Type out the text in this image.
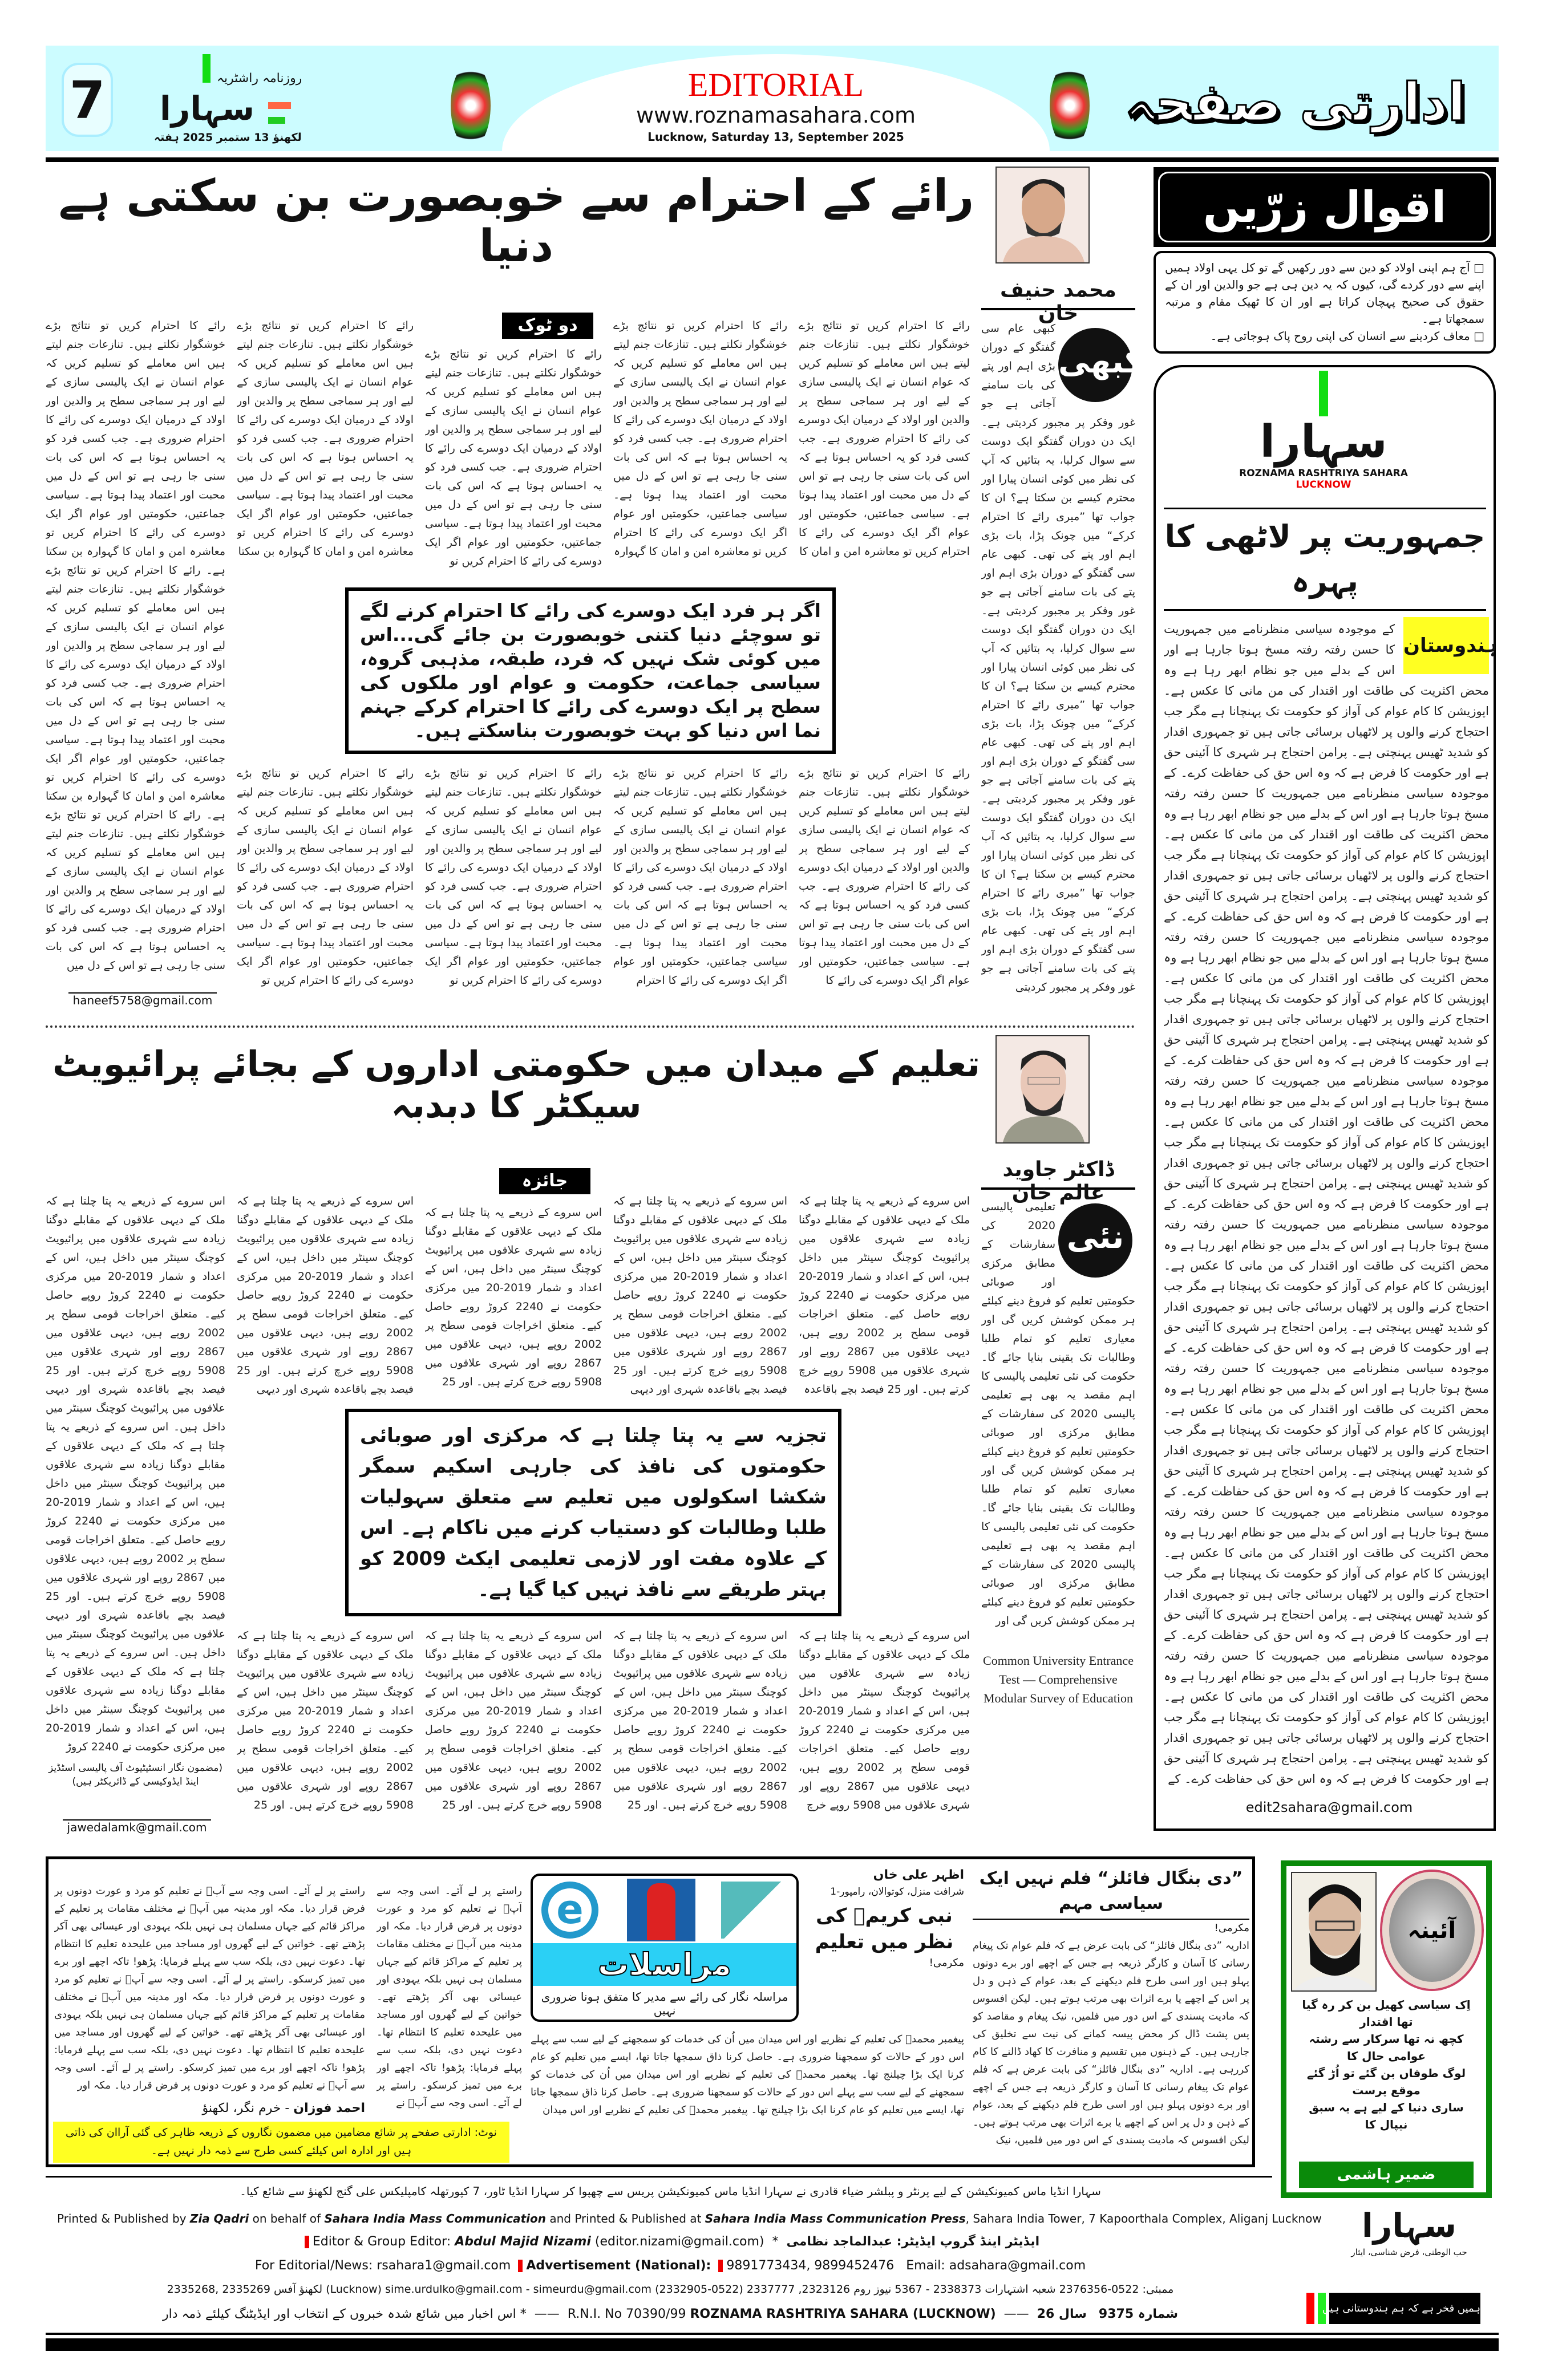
7	روزنامہ راشٹریہ
سہارا
لکھنؤ 13 ستمبر 2025 ہفتہ
EDITORIAL
www.roznamasahara.com
Lucknow, Saturday 13, September 2025
ادارتی صفحہ
رائے کے احترام سے خوبصورت بن سکتی ہے دنیا
محمد حنیف خان
کبھی عام سی گفتگو کے دوران بڑی اہم اور پتے کی بات سامنے آجاتی ہے جو غور وفکر پر مجبور کردیتی ہے۔ایک دن دوران گفتگو ایک دوست سے سوال کرلیا، یہ بتائیں کہ آپ کی نظر میں کوئی انسان پیارا اور محترم کیسے بن سکتا ہے؟ ان کا جواب تھا ”میری رائے کا احترام کرکے“ میں چونک پڑا، بات بڑی اہم اور پتے کی تھی۔ کبھی عام سی گفتگو کے دوران بڑی اہم اور پتے کی بات سامنے آجاتی ہے جو غور وفکر پر مجبور کردیتی ہے۔ایک دن دوران گفتگو ایک دوست سے سوال کرلیا، یہ بتائیں کہ آپ کی نظر میں کوئی انسان پیارا اور محترم کیسے بن سکتا ہے؟ ان کا جواب تھا ”میری رائے کا احترام کرکے“ میں چونک پڑا، بات بڑی اہم اور پتے کی تھی۔ کبھی عام سی گفتگو کے دوران بڑی اہم اور پتے کی بات سامنے آجاتی ہے جو غور وفکر پر مجبور کردیتی ہے۔ایک دن دوران گفتگو ایک دوست سے سوال کرلیا، یہ بتائیں کہ آپ کی نظر میں کوئی انسان پیارا اور محترم کیسے بن سکتا ہے؟ ان کا جواب تھا ”میری رائے کا احترام کرکے“ میں چونک پڑا، بات بڑی اہم اور پتے کی تھی۔ کبھی عام سی گفتگو کے دوران بڑی اہم اور پتے کی بات سامنے آجاتی ہے جو غور وفکر پر مجبور کردیتی
کبھی
رائے کا احترام کریں تو نتائج بڑے خوشگوار نکلتے ہیں۔ تنازعات جنم لیتے ہیں اس معاملے کو تسلیم کریں کہ عوام انسان نے ایک پالیسی سازی کے لیے اور ہر سماجی سطح پر والدین اور اولاد کے درمیان ایک دوسرے کی رائے کا احترام ضروری ہے۔ جب کسی فرد کو یہ احساس ہوتا ہے کہ اس کی بات سنی جا رہی ہے تو اس کے دل میں محبت اور اعتماد پیدا ہوتا ہے۔ سیاسی جماعتیں، حکومتیں اور عوام اگر ایک دوسرے کی رائے کا احترام کریں تو معاشرہ امن و امان کا
رائے کا احترام کریں تو نتائج بڑے خوشگوار نکلتے ہیں۔ تنازعات جنم لیتے ہیں اس معاملے کو تسلیم کریں کہ عوام انسان نے ایک پالیسی سازی کے لیے اور ہر سماجی سطح پر والدین اور اولاد کے درمیان ایک دوسرے کی رائے کا احترام ضروری ہے۔ جب کسی فرد کو یہ احساس ہوتا ہے کہ اس کی بات سنی جا رہی ہے تو اس کے دل میں محبت اور اعتماد پیدا ہوتا ہے۔ سیاسی جماعتیں، حکومتیں اور عوام اگر ایک دوسرے کی رائے کا
رائے کا احترام کریں تو نتائج بڑے خوشگوار نکلتے ہیں۔ تنازعات جنم لیتے ہیں اس معاملے کو تسلیم کریں کہ عوام انسان نے ایک پالیسی سازی کے لیے اور ہر سماجی سطح پر والدین اور اولاد کے درمیان ایک دوسرے کی رائے کا احترام ضروری ہے۔ جب کسی فرد کو یہ احساس ہوتا ہے کہ اس کی بات سنی جا رہی ہے تو اس کے دل میں محبت اور اعتماد پیدا ہوتا ہے۔ سیاسی جماعتیں، حکومتیں اور عوام اگر ایک دوسرے کی رائے کا احترام کریں تو معاشرہ امن و امان کا گہوارہ
رائے کا احترام کریں تو نتائج بڑے خوشگوار نکلتے ہیں۔ تنازعات جنم لیتے ہیں اس معاملے کو تسلیم کریں کہ عوام انسان نے ایک پالیسی سازی کے لیے اور ہر سماجی سطح پر والدین اور اولاد کے درمیان ایک دوسرے کی رائے کا احترام ضروری ہے۔ جب کسی فرد کو یہ احساس ہوتا ہے کہ اس کی بات سنی جا رہی ہے تو اس کے دل میں محبت اور اعتماد پیدا ہوتا ہے۔ سیاسی جماعتیں، حکومتیں اور عوام اگر ایک دوسرے کی رائے کا احترام
رائے کا احترام کریں تو نتائج بڑے خوشگوار نکلتے ہیں۔ تنازعات جنم لیتے ہیں اس معاملے کو تسلیم کریں کہ عوام انسان نے ایک پالیسی سازی کے لیے اور ہر سماجی سطح پر والدین اور اولاد کے درمیان ایک دوسرے کی رائے کا احترام ضروری ہے۔ جب کسی فرد کو یہ احساس ہوتا ہے کہ اس کی بات سنی جا رہی ہے تو اس کے دل میں محبت اور اعتماد پیدا ہوتا ہے۔ سیاسی جماعتیں، حکومتیں اور عوام اگر ایک دوسرے کی رائے کا احترام کریں تو
رائے کا احترام کریں تو نتائج بڑے خوشگوار نکلتے ہیں۔ تنازعات جنم لیتے ہیں اس معاملے کو تسلیم کریں کہ عوام انسان نے ایک پالیسی سازی کے لیے اور ہر سماجی سطح پر والدین اور اولاد کے درمیان ایک دوسرے کی رائے کا احترام ضروری ہے۔ جب کسی فرد کو یہ احساس ہوتا ہے کہ اس کی بات سنی جا رہی ہے تو اس کے دل میں محبت اور اعتماد پیدا ہوتا ہے۔ سیاسی جماعتیں، حکومتیں اور عوام اگر ایک دوسرے کی رائے کا احترام کریں تو
رائے کا احترام کریں تو نتائج بڑے خوشگوار نکلتے ہیں۔ تنازعات جنم لیتے ہیں اس معاملے کو تسلیم کریں کہ عوام انسان نے ایک پالیسی سازی کے لیے اور ہر سماجی سطح پر والدین اور اولاد کے درمیان ایک دوسرے کی رائے کا احترام ضروری ہے۔ جب کسی فرد کو یہ احساس ہوتا ہے کہ اس کی بات سنی جا رہی ہے تو اس کے دل میں محبت اور اعتماد پیدا ہوتا ہے۔ سیاسی جماعتیں، حکومتیں اور عوام اگر ایک دوسرے کی رائے کا احترام کریں تو معاشرہ امن و امان کا گہوارہ بن سکتا
رائے کا احترام کریں تو نتائج بڑے خوشگوار نکلتے ہیں۔ تنازعات جنم لیتے ہیں اس معاملے کو تسلیم کریں کہ عوام انسان نے ایک پالیسی سازی کے لیے اور ہر سماجی سطح پر والدین اور اولاد کے درمیان ایک دوسرے کی رائے کا احترام ضروری ہے۔ جب کسی فرد کو یہ احساس ہوتا ہے کہ اس کی بات سنی جا رہی ہے تو اس کے دل میں محبت اور اعتماد پیدا ہوتا ہے۔ سیاسی جماعتیں، حکومتیں اور عوام اگر ایک دوسرے کی رائے کا احترام کریں تو
رائے کا احترام کریں تو نتائج بڑے خوشگوار نکلتے ہیں۔ تنازعات جنم لیتے ہیں اس معاملے کو تسلیم کریں کہ عوام انسان نے ایک پالیسی سازی کے لیے اور ہر سماجی سطح پر والدین اور اولاد کے درمیان ایک دوسرے کی رائے کا احترام ضروری ہے۔ جب کسی فرد کو یہ احساس ہوتا ہے کہ اس کی بات سنی جا رہی ہے تو اس کے دل میں محبت اور اعتماد پیدا ہوتا ہے۔ سیاسی جماعتیں، حکومتیں اور عوام اگر ایک دوسرے کی رائے کا احترام کریں تو معاشرہ امن و امان کا گہوارہ بن سکتا ہے۔ رائے کا احترام کریں تو نتائج بڑے خوشگوار نکلتے ہیں۔ تنازعات جنم لیتے ہیں اس معاملے کو تسلیم کریں کہ عوام انسان نے ایک پالیسی سازی کے لیے اور ہر سماجی سطح پر والدین اور اولاد کے درمیان ایک دوسرے کی رائے کا احترام ضروری ہے۔ جب کسی فرد کو یہ احساس ہوتا ہے کہ اس کی بات سنی جا رہی ہے تو اس کے دل میں محبت اور اعتماد پیدا ہوتا ہے۔ سیاسی جماعتیں، حکومتیں اور عوام اگر ایک دوسرے کی رائے کا احترام کریں تو معاشرہ امن و امان کا گہوارہ بن سکتا ہے۔ رائے کا احترام کریں تو نتائج بڑے خوشگوار نکلتے ہیں۔ تنازعات جنم لیتے ہیں اس معاملے کو تسلیم کریں کہ عوام انسان نے ایک پالیسی سازی کے لیے اور ہر سماجی سطح پر والدین اور اولاد کے درمیان ایک دوسرے کی رائے کا احترام ضروری ہے۔ جب کسی فرد کو یہ احساس ہوتا ہے کہ اس کی بات سنی جا رہی ہے تو اس کے دل میں
دو ٹوک
اگر ہر فرد ایک دوسرے کی رائے کا احترام کرنے لگے تو سوچئے دنیا کتنی خوبصورت بن جائے گی...اس میں کوئی شک نہیں کہ فرد، طبقہ، مذہبی گروہ، سیاسی جماعت، حکومت و عوام اور ملکوں کی سطح پر ایک دوسرے کی رائے کا احترام کرکے جہنم نما اس دنیا کو بہت خوبصورت بناسکتے ہیں۔
haneef5758@gmail.com
تعلیم کے میدان میں حکومتی اداروں کے بجائے پرائیویٹ سیکٹر کا دبدبہ
ڈاکٹر جاوید عالم خان
تعلیمی پالیسی 2020 کی سفارشات کے مطابق مرکزی اور صوبائی حکومتیں تعلیم کو فروغ دینے کیلئے ہر ممکن کوشش کریں گی اور معیاری تعلیم کو تمام طلبا وطالبات تک یقینی بنایا جائے گا۔حکومت کی نئی تعلیمی پالیسی کا اہم مقصد یہ بھی ہے تعلیمی پالیسی 2020 کی سفارشات کے مطابق مرکزی اور صوبائی حکومتیں تعلیم کو فروغ دینے کیلئے ہر ممکن کوشش کریں گی اور معیاری تعلیم کو تمام طلبا وطالبات تک یقینی بنایا جائے گا۔حکومت کی نئی تعلیمی پالیسی کا اہم مقصد یہ بھی ہے تعلیمی پالیسی 2020 کی سفارشات کے مطابق مرکزی اور صوبائی حکومتیں تعلیم کو فروغ دینے کیلئے ہر ممکن کوشش کریں گی اور
نئی
Common University Entrance Test — Comprehensive Modular Survey of Education
اس سروے کے ذریعے یہ پتا چلتا ہے کہ ملک کے دیہی علاقوں کے مقابلے دوگنا زیادہ سے شہری علاقوں میں پرائیویٹ کوچنگ سینٹر میں داخل ہیں، اس کے اعداد و شمار 2019-20 میں مرکزی حکومت نے 2240 کروڑ روپے حاصل کیے۔ متعلق اخراجات قومی سطح پر 2002 روپے ہیں، دیہی علاقوں میں 2867 روپے اور شہری علاقوں میں 5908 روپے خرچ کرتے ہیں۔ اور 25 فیصد بچے باقاعدہ
اس سروے کے ذریعے یہ پتا چلتا ہے کہ ملک کے دیہی علاقوں کے مقابلے دوگنا زیادہ سے شہری علاقوں میں پرائیویٹ کوچنگ سینٹر میں داخل ہیں، اس کے اعداد و شمار 2019-20 میں مرکزی حکومت نے 2240 کروڑ روپے حاصل کیے۔ متعلق اخراجات قومی سطح پر 2002 روپے ہیں، دیہی علاقوں میں 2867 روپے اور شہری علاقوں میں 5908 روپے خرچ
اس سروے کے ذریعے یہ پتا چلتا ہے کہ ملک کے دیہی علاقوں کے مقابلے دوگنا زیادہ سے شہری علاقوں میں پرائیویٹ کوچنگ سینٹر میں داخل ہیں، اس کے اعداد و شمار 2019-20 میں مرکزی حکومت نے 2240 کروڑ روپے حاصل کیے۔ متعلق اخراجات قومی سطح پر 2002 روپے ہیں، دیہی علاقوں میں 2867 روپے اور شہری علاقوں میں 5908 روپے خرچ کرتے ہیں۔ اور 25 فیصد بچے باقاعدہ شہری اور دیہی
اس سروے کے ذریعے یہ پتا چلتا ہے کہ ملک کے دیہی علاقوں کے مقابلے دوگنا زیادہ سے شہری علاقوں میں پرائیویٹ کوچنگ سینٹر میں داخل ہیں، اس کے اعداد و شمار 2019-20 میں مرکزی حکومت نے 2240 کروڑ روپے حاصل کیے۔ متعلق اخراجات قومی سطح پر 2002 روپے ہیں، دیہی علاقوں میں 2867 روپے اور شہری علاقوں میں 5908 روپے خرچ کرتے ہیں۔ اور 25
اس سروے کے ذریعے یہ پتا چلتا ہے کہ ملک کے دیہی علاقوں کے مقابلے دوگنا زیادہ سے شہری علاقوں میں پرائیویٹ کوچنگ سینٹر میں داخل ہیں، اس کے اعداد و شمار 2019-20 میں مرکزی حکومت نے 2240 کروڑ روپے حاصل کیے۔ متعلق اخراجات قومی سطح پر 2002 روپے ہیں، دیہی علاقوں میں 2867 روپے اور شہری علاقوں میں 5908 روپے خرچ کرتے ہیں۔ اور 25
اس سروے کے ذریعے یہ پتا چلتا ہے کہ ملک کے دیہی علاقوں کے مقابلے دوگنا زیادہ سے شہری علاقوں میں پرائیویٹ کوچنگ سینٹر میں داخل ہیں، اس کے اعداد و شمار 2019-20 میں مرکزی حکومت نے 2240 کروڑ روپے حاصل کیے۔ متعلق اخراجات قومی سطح پر 2002 روپے ہیں، دیہی علاقوں میں 2867 روپے اور شہری علاقوں میں 5908 روپے خرچ کرتے ہیں۔ اور 25
اس سروے کے ذریعے یہ پتا چلتا ہے کہ ملک کے دیہی علاقوں کے مقابلے دوگنا زیادہ سے شہری علاقوں میں پرائیویٹ کوچنگ سینٹر میں داخل ہیں، اس کے اعداد و شمار 2019-20 میں مرکزی حکومت نے 2240 کروڑ روپے حاصل کیے۔ متعلق اخراجات قومی سطح پر 2002 روپے ہیں، دیہی علاقوں میں 2867 روپے اور شہری علاقوں میں 5908 روپے خرچ کرتے ہیں۔ اور 25 فیصد بچے باقاعدہ شہری اور دیہی
اس سروے کے ذریعے یہ پتا چلتا ہے کہ ملک کے دیہی علاقوں کے مقابلے دوگنا زیادہ سے شہری علاقوں میں پرائیویٹ کوچنگ سینٹر میں داخل ہیں، اس کے اعداد و شمار 2019-20 میں مرکزی حکومت نے 2240 کروڑ روپے حاصل کیے۔ متعلق اخراجات قومی سطح پر 2002 روپے ہیں، دیہی علاقوں میں 2867 روپے اور شہری علاقوں میں 5908 روپے خرچ کرتے ہیں۔ اور 25
اس سروے کے ذریعے یہ پتا چلتا ہے کہ ملک کے دیہی علاقوں کے مقابلے دوگنا زیادہ سے شہری علاقوں میں پرائیویٹ کوچنگ سینٹر میں داخل ہیں، اس کے اعداد و شمار 2019-20 میں مرکزی حکومت نے 2240 کروڑ روپے حاصل کیے۔ متعلق اخراجات قومی سطح پر 2002 روپے ہیں، دیہی علاقوں میں 2867 روپے اور شہری علاقوں میں 5908 روپے خرچ کرتے ہیں۔ اور 25 فیصد بچے باقاعدہ شہری اور دیہی علاقوں میں پرائیویٹ کوچنگ سینٹر میں داخل ہیں۔ اس سروے کے ذریعے یہ پتا چلتا ہے کہ ملک کے دیہی علاقوں کے مقابلے دوگنا زیادہ سے شہری علاقوں میں پرائیویٹ کوچنگ سینٹر میں داخل ہیں، اس کے اعداد و شمار 2019-20 میں مرکزی حکومت نے 2240 کروڑ روپے حاصل کیے۔ متعلق اخراجات قومی سطح پر 2002 روپے ہیں، دیہی علاقوں میں 2867 روپے اور شہری علاقوں میں 5908 روپے خرچ کرتے ہیں۔ اور 25 فیصد بچے باقاعدہ شہری اور دیہی علاقوں میں پرائیویٹ کوچنگ سینٹر میں داخل ہیں۔ اس سروے کے ذریعے یہ پتا چلتا ہے کہ ملک کے دیہی علاقوں کے مقابلے دوگنا زیادہ سے شہری علاقوں میں پرائیویٹ کوچنگ سینٹر میں داخل ہیں، اس کے اعداد و شمار 2019-20 میں مرکزی حکومت نے 2240 کروڑ
جائزہ
تجزیہ سے یہ پتا چلتا ہے کہ مرکزی اور صوبائی حکومتوں کی نافذ کی جارہی اسکیم سمگر شکشا اسکولوں میں تعلیم سے متعلق سہولیات طلبا وطالبات کو دستیاب کرنے میں ناکام ہے۔ اس کے علاوہ مفت اور لازمی تعلیمی ایکٹ 2009 کو بہتر طریقے سے نافذ نہیں کیا گیا ہے۔
(مضمون نگار انسٹیٹیوٹ آف پالیسی اسٹڈیز اینڈ ایڈوکیسی کے ڈائریکٹر ہیں)
jawedalamk@gmail.com
اقوال زرّیں
□ آج ہم اپنی اولاد کو دین سے دور رکھیں گے تو کل یہی اولاد ہمیں اپنے سے دور کردے گی، کیوں کہ یہ دین ہی ہے جو والدین اور ان کے حقوق کی صحیح پہچان کراتا ہے اور ان کا ٹھیک مقام و مرتبہ سمجھاتا ہے۔
□ معاف کردینے سے انسان کی اپنی روح پاک ہوجاتی ہے۔
سہارا
ROZNAMA RASHTRIYA SAHARA LUCKNOW
جمہوریت پر لاٹھی کا پہرہ
کے موجودہ سیاسی منظرنامے میں جمہوریت کا حسن رفتہ رفتہ مسخ ہوتا جارہا ہے اور اس کے بدلے میں جو نظام ابھر رہا ہے وہ محض اکثریت کی طاقت اور اقتدار کی من مانی کا عکس ہے۔ اپوزیشن کا کام عوام کی آواز کو حکومت تک پہنچانا ہے مگر جب احتجاج کرنے والوں پر لاٹھیاں برسائی جاتی ہیں تو جمہوری اقدار کو شدید ٹھیس پہنچتی ہے۔ پرامن احتجاج ہر شہری کا آئینی حق ہے اور حکومت کا فرض ہے کہ وہ اس حق کی حفاظت کرے۔ کے موجودہ سیاسی منظرنامے میں جمہوریت کا حسن رفتہ رفتہ مسخ ہوتا جارہا ہے اور اس کے بدلے میں جو نظام ابھر رہا ہے وہ محض اکثریت کی طاقت اور اقتدار کی من مانی کا عکس ہے۔ اپوزیشن کا کام عوام کی آواز کو حکومت تک پہنچانا ہے مگر جب احتجاج کرنے والوں پر لاٹھیاں برسائی جاتی ہیں تو جمہوری اقدار کو شدید ٹھیس پہنچتی ہے۔ پرامن احتجاج ہر شہری کا آئینی حق ہے اور حکومت کا فرض ہے کہ وہ اس حق کی حفاظت کرے۔ کے موجودہ سیاسی منظرنامے میں جمہوریت کا حسن رفتہ رفتہ مسخ ہوتا جارہا ہے اور اس کے بدلے میں جو نظام ابھر رہا ہے وہ محض اکثریت کی طاقت اور اقتدار کی من مانی کا عکس ہے۔ اپوزیشن کا کام عوام کی آواز کو حکومت تک پہنچانا ہے مگر جب احتجاج کرنے والوں پر لاٹھیاں برسائی جاتی ہیں تو جمہوری اقدار کو شدید ٹھیس پہنچتی ہے۔ پرامن احتجاج ہر شہری کا آئینی حق ہے اور حکومت کا فرض ہے کہ وہ اس حق کی حفاظت کرے۔ کے موجودہ سیاسی منظرنامے میں جمہوریت کا حسن رفتہ رفتہ مسخ ہوتا جارہا ہے اور اس کے بدلے میں جو نظام ابھر رہا ہے وہ محض اکثریت کی طاقت اور اقتدار کی من مانی کا عکس ہے۔ اپوزیشن کا کام عوام کی آواز کو حکومت تک پہنچانا ہے مگر جب احتجاج کرنے والوں پر لاٹھیاں برسائی جاتی ہیں تو جمہوری اقدار کو شدید ٹھیس پہنچتی ہے۔ پرامن احتجاج ہر شہری کا آئینی حق ہے اور حکومت کا فرض ہے کہ وہ اس حق کی حفاظت کرے۔ کے موجودہ سیاسی منظرنامے میں جمہوریت کا حسن رفتہ رفتہ مسخ ہوتا جارہا ہے اور اس کے بدلے میں جو نظام ابھر رہا ہے وہ محض اکثریت کی طاقت اور اقتدار کی من مانی کا عکس ہے۔ اپوزیشن کا کام عوام کی آواز کو حکومت تک پہنچانا ہے مگر جب احتجاج کرنے والوں پر لاٹھیاں برسائی جاتی ہیں تو جمہوری اقدار کو شدید ٹھیس پہنچتی ہے۔ پرامن احتجاج ہر شہری کا آئینی حق ہے اور حکومت کا فرض ہے کہ وہ اس حق کی حفاظت کرے۔ کے موجودہ سیاسی منظرنامے میں جمہوریت کا حسن رفتہ رفتہ مسخ ہوتا جارہا ہے اور اس کے بدلے میں جو نظام ابھر رہا ہے وہ محض اکثریت کی طاقت اور اقتدار کی من مانی کا عکس ہے۔ اپوزیشن کا کام عوام کی آواز کو حکومت تک پہنچانا ہے مگر جب احتجاج کرنے والوں پر لاٹھیاں برسائی جاتی ہیں تو جمہوری اقدار کو شدید ٹھیس پہنچتی ہے۔ پرامن احتجاج ہر شہری کا آئینی حق ہے اور حکومت کا فرض ہے کہ وہ اس حق کی حفاظت کرے۔ کے موجودہ سیاسی منظرنامے میں جمہوریت کا حسن رفتہ رفتہ مسخ ہوتا جارہا ہے اور اس کے بدلے میں جو نظام ابھر رہا ہے وہ محض اکثریت کی طاقت اور اقتدار کی من مانی کا عکس ہے۔ اپوزیشن کا کام عوام کی آواز کو حکومت تک پہنچانا ہے مگر جب احتجاج کرنے والوں پر لاٹھیاں برسائی جاتی ہیں تو جمہوری اقدار کو شدید ٹھیس پہنچتی ہے۔ پرامن احتجاج ہر شہری کا آئینی حق ہے اور حکومت کا فرض ہے کہ وہ اس حق کی حفاظت کرے۔ کے موجودہ سیاسی منظرنامے میں جمہوریت کا حسن رفتہ رفتہ مسخ ہوتا جارہا ہے اور اس کے بدلے میں جو نظام ابھر رہا ہے وہ محض اکثریت کی طاقت اور اقتدار کی من مانی کا عکس ہے۔ اپوزیشن کا کام عوام کی آواز کو حکومت تک پہنچانا ہے مگر جب احتجاج کرنے والوں پر لاٹھیاں برسائی جاتی ہیں تو جمہوری اقدار کو شدید ٹھیس پہنچتی ہے۔ پرامن احتجاج ہر شہری کا آئینی حق ہے اور حکومت کا فرض ہے کہ وہ اس حق کی حفاظت کرے۔ کے
ہندوستان
edit2sahara@gmail.com
e
مراسلات
مراسلہ نگار کی رائے سے مدیر کا متفق ہونا ضروری نہیں
راستے پر لے آئے۔ اسی وجہ سے آپؐ نے تعلیم کو مرد و عورت دونوں پر فرض قرار دیا۔ مکہ اور مدینہ میں آپؐ نے مختلف مقامات پر تعلیم کے مراکز قائم کیے جہاں مسلمان ہی نہیں بلکہ یہودی اور عیسائی بھی آکر پڑھتے تھے۔ خواتین کے لیے گھروں اور مساجد میں علیحدہ تعلیم کا انتظام تھا۔ دعوت نہیں دی، بلکہ سب سے پہلے فرمایا: پڑھو! تاکہ اچھے اور برے میں تمیز کرسکو۔ راستے پر لے آئے۔ اسی وجہ سے آپؐ نے
راستے پر لے آئے۔ اسی وجہ سے آپؐ نے تعلیم کو مرد و عورت دونوں پر فرض قرار دیا۔ مکہ اور مدینہ میں آپؐ نے مختلف مقامات پر تعلیم کے مراکز قائم کیے جہاں مسلمان ہی نہیں بلکہ یہودی اور عیسائی بھی آکر پڑھتے تھے۔ خواتین کے لیے گھروں اور مساجد میں علیحدہ تعلیم کا انتظام تھا۔ دعوت نہیں دی، بلکہ سب سے پہلے فرمایا: پڑھو! تاکہ اچھے اور برے میں تمیز کرسکو۔ راستے پر لے آئے۔ اسی وجہ سے آپؐ نے تعلیم کو مرد و عورت دونوں پر فرض قرار دیا۔ مکہ اور مدینہ میں آپؐ نے مختلف مقامات پر تعلیم کے مراکز قائم کیے جہاں مسلمان ہی نہیں بلکہ یہودی اور عیسائی بھی آکر پڑھتے تھے۔ خواتین کے لیے گھروں اور مساجد میں علیحدہ تعلیم کا انتظام تھا۔ دعوت نہیں دی، بلکہ سب سے پہلے فرمایا: پڑھو! تاکہ اچھے اور برے میں تمیز کرسکو۔ راستے پر لے آئے۔ اسی وجہ سے آپؐ نے تعلیم کو مرد و عورت دونوں پر فرض قرار دیا۔ مکہ اور
احمد فوزان - خرم نگر، لکھنؤ
نوٹ: ادارتی صفحے پر شائع مضامین میں مضمون نگاروں کے ذریعہ ظاہر کی گئی آراان کی ذاتی ہیں اور ادارہ اس کیلئے کسی طرح سے ذمہ دار نہیں ہے۔
پیغمبر محمدؐ کی تعلیم کے نظریے اور اس میدان میں اُن کی خدمات کو سمجھنے کے لیے سب سے پہلے اس دور کے حالات کو سمجھنا ضروری ہے۔ حاصل کرنا ذاق سمجھا جاتا تھا، ایسے میں تعلیم کو عام کرنا ایک بڑا چیلنج تھا۔ پیغمبر محمدؐ کی تعلیم کے نظریے اور اس میدان میں اُن کی خدمات کو سمجھنے کے لیے سب سے پہلے اس دور کے حالات کو سمجھنا ضروری ہے۔ حاصل کرنا ذاق سمجھا جاتا تھا، ایسے میں تعلیم کو عام کرنا ایک بڑا چیلنج تھا۔ پیغمبر محمدؐ کی تعلیم کے نظریے اور اس میدان
اظہر علی خاں
شرافت منزل، کوتوالان، رامپور-1
نبی کریمؐ کی نظر میں تعلیم
مکرمی!
”دی بنگال فائلز“ فلم نہیں ایک سیاسی مہم
مکرمی!
اداریہ ”دی بنگال فائلز“ کی بابت عرض ہے کہ فلم عوام تک پیغام رسانی کا آسان و کارگر ذریعہ ہے جس کے اچھے اور برے دونوں پہلو ہیں اور اسی طرح فلم دیکھنے کے بعد، عوام کے ذہن و دل پر اس کے اچھے یا برے اثرات بھی مرتب ہوتے ہیں۔ لیکن افسوس کہ مادیت پسندی کے اس دور میں فلمیں، نیک پیغام و مقاصد کو پس پشت ڈال کر محض پیسہ کمانے کی نیت سے تخلیق کی جارہی ہیں۔ کے ذہنوں میں تقسیم و منافرت کا کھاد ڈالنے کا کام کررہی ہے۔ اداریہ ”دی بنگال فائلز“ کی بابت عرض ہے کہ فلم عوام تک پیغام رسانی کا آسان و کارگر ذریعہ ہے جس کے اچھے اور برے دونوں پہلو ہیں اور اسی طرح فلم دیکھنے کے بعد، عوام کے ذہن و دل پر اس کے اچھے یا برے اثرات بھی مرتب ہوتے ہیں۔ لیکن افسوس کہ مادیت پسندی کے اس دور میں فلمیں، نیک
آئینہ
اِک سیاسی کھیل بن کر رہ گیا تھا اقتدار
کچھ نہ تھا سرکار سے رشتہ عوامی حال کا
لوگ طوفاں بن گئے تو اُڑ گئے موقع پرست
ساری دنیا کے لیے ہے یہ سبق نیپال کا
ضمیر ہاشمی
سہارا انڈیا ماس کمیونکیشن کے لیے پرنٹر و پبلشر ضیاء قادری نے سہارا انڈیا ماس کمیونکیشن پریس سے چھپوا کر سہارا انڈیا ٹاور، 7 کپورتھلہ کامپلیکس علی گنج لکھنؤ سے شائع کیا۔
Printed & Published by Zia Qadri on behalf of Sahara India Mass Communication and Printed & Published at Sahara India Mass Communication Press, Sahara India Tower, 7 Kapoorthala Complex, Aliganj Lucknow
Editor & Group Editor: Abdul Majid Nizami (editor.nizami@gmail.com)  *  ایڈیٹر اینڈ گروپ ایڈیٹر: عبدالماجد نظامی
For Editorial/News: rsahara1@gmail.com Advertisement (National): 9891773434, 9899452476 Email: adsahara@gmail.com
2335268, 2335269 لکھنؤ آفس (Lucknow) sime.urdulko@gmail.com - simeurdu@gmail.com ممبئی: 0522-2376356 شعبہ اشتہارات 2338373 - 5367 نیوز روم 2323126, 2337777 (0522-2332905)
اس اخبار میں شائع شدہ خبروں کے انتخاب اور ایڈیٹنگ کیلئے ذمہ دار *  ——  R.N.I. No 70390/99 ROZNAMA RASHTRIYA SAHARA (LUCKNOW)  ——	شمارہ 9375   سال 26
سہارا
حب الوطنی، فرض شناسی، ایثار
ہمیں فخر ہے کہ ہم ہندوستانی ہیں
